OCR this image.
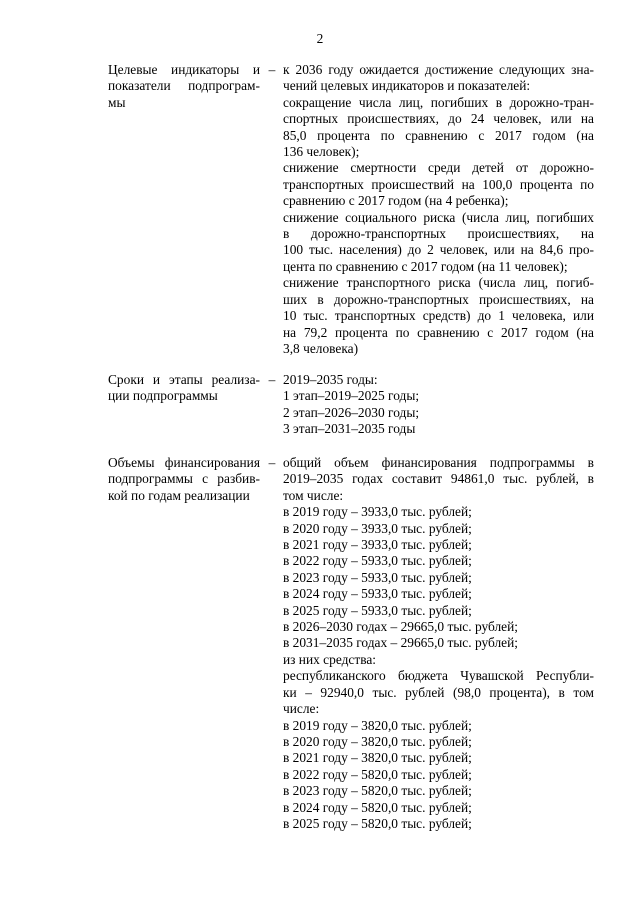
2
Целевые индикаторы и
показатели подпрограм-
мы
– к 2036 году ожидается достижение следующих зна-
чений целевых индикаторов и показателей:
сокращение числа лиц, погибших в дорожно-тран-
спортных происшествиях, до 24 человек, или на
85,0 процента по сравнению с 2017 годом (на
136 человек);
снижение смертности среди детей от дорожно-
транспортных происшествий на 100,0 процента по
сравнению с 2017 годом (на 4 ребенка);
снижение социального риска (числа лиц, погибших
в дорожно-транспортных происшествиях, на
100 тыс. населения) до 2 человек, или на 84,6 про-
цента по сравнению с 2017 годом (на 11 человек);
снижение транспортного риска (числа лиц, погиб-
ших в дорожно-транспортных происшествиях, на
10 тыс. транспортных средств) до 1 человека, или
на 79,2 процента по сравнению с 2017 годом (на
3,8 человека)
Сроки и этапы реализа-
ции подпрограммы
– 2019–2035 годы:
1 этап–2019–2025 годы;
2 этап–2026–2030 годы;
3 этап–2031–2035 годы
Объемы финансирования
подпрограммы с разбив-
кой по годам реализации
– общий объем финансирования подпрограммы в
2019–2035 годах составит 94861,0 тыс. рублей, в
том числе:
в 2019 году – 3933,0 тыс. рублей;
в 2020 году – 3933,0 тыс. рублей;
в 2021 году – 3933,0 тыс. рублей;
в 2022 году – 5933,0 тыс. рублей;
в 2023 году – 5933,0 тыс. рублей;
в 2024 году – 5933,0 тыс. рублей;
в 2025 году – 5933,0 тыс. рублей;
в 2026–2030 годах – 29665,0 тыс. рублей;
в 2031–2035 годах – 29665,0 тыс. рублей;
из них средства:
республиканского бюджета Чувашской Республи-
ки – 92940,0 тыс. рублей (98,0 процента), в том
числе:
в 2019 году – 3820,0 тыс. рублей;
в 2020 году – 3820,0 тыс. рублей;
в 2021 году – 3820,0 тыс. рублей;
в 2022 году – 5820,0 тыс. рублей;
в 2023 году – 5820,0 тыс. рублей;
в 2024 году – 5820,0 тыс. рублей;
в 2025 году – 5820,0 тыс. рублей;
